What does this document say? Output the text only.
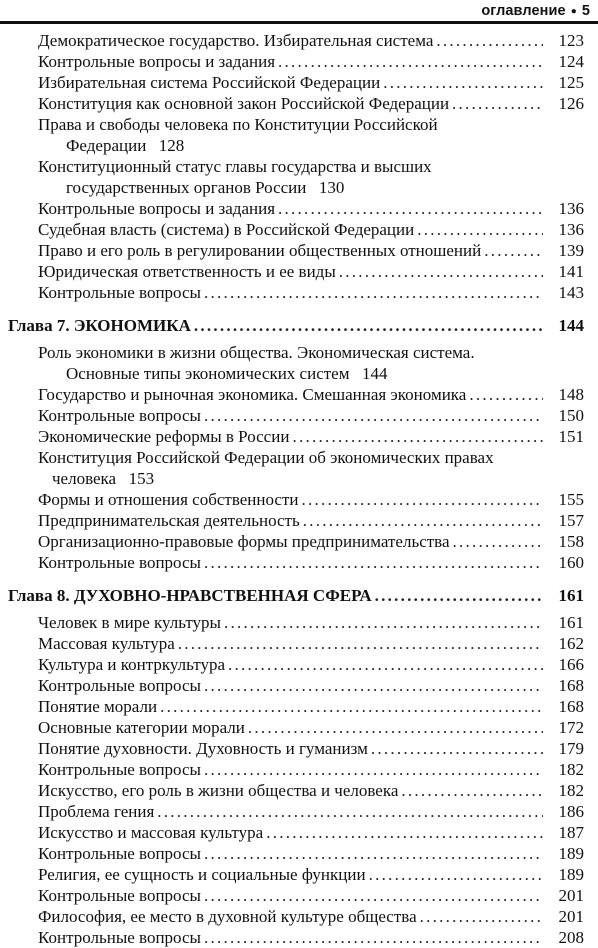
оглавление ● 5
Демократическое государство. Избирательная система . . .	123
Контрольные вопросы и задания . . .	124
Избирательная система Российской Федерации . . .	125
Конституция как основной закон Российской Федерации . . .	126
Права и свободы человека по Конституции Российской
Федерации 128
Конституционный статус главы государства и высших
государственных органов России 130
Контрольные вопросы и задания . . .	136
Судебная власть (система) в Российской Федерации . . .	136
Право и его роль в регулировании общественных отношений . . .	139
Юридическая ответственность и ее виды . . .	141
Контрольные вопросы . . .	143
Глава 7. ЭКОНОМИКА . . .	144
Роль экономики в жизни общества. Экономическая система.
Основные типы экономических систем 144
Государство и рыночная экономика. Смешанная экономика . . .	148
Контрольные вопросы . . .	150
Экономические реформы в России . . .	151
Конституция Российской Федерации об экономических правах
человека 153
Формы и отношения собственности . . .	155
Предпринимательская деятельность . . .	157
Организационно-правовые формы предпринимательства . . .	158
Контрольные вопросы . . .	160
Глава 8. ДУХОВНО-НРАВСТВЕННАЯ СФЕРА . . .	161
Человек в мире культуры . . .	161
Массовая культура . . .	162
Культура и контркультура . . .	166
Контрольные вопросы . . .	168
Понятие морали . . .	168
Основные категории морали . . .	172
Понятие духовности. Духовность и гуманизм . . .	179
Контрольные вопросы . . .	182
Искусство, его роль в жизни общества и человека . . .	182
Проблема гения . . .	186
Искусство и массовая культура . . .	187
Контрольные вопросы . . .	189
Религия, ее сущность и социальные функции . . .	189
Контрольные вопросы . . .	201
Философия, ее место в духовной культуре общества . . .	201
Контрольные вопросы . . .	208
